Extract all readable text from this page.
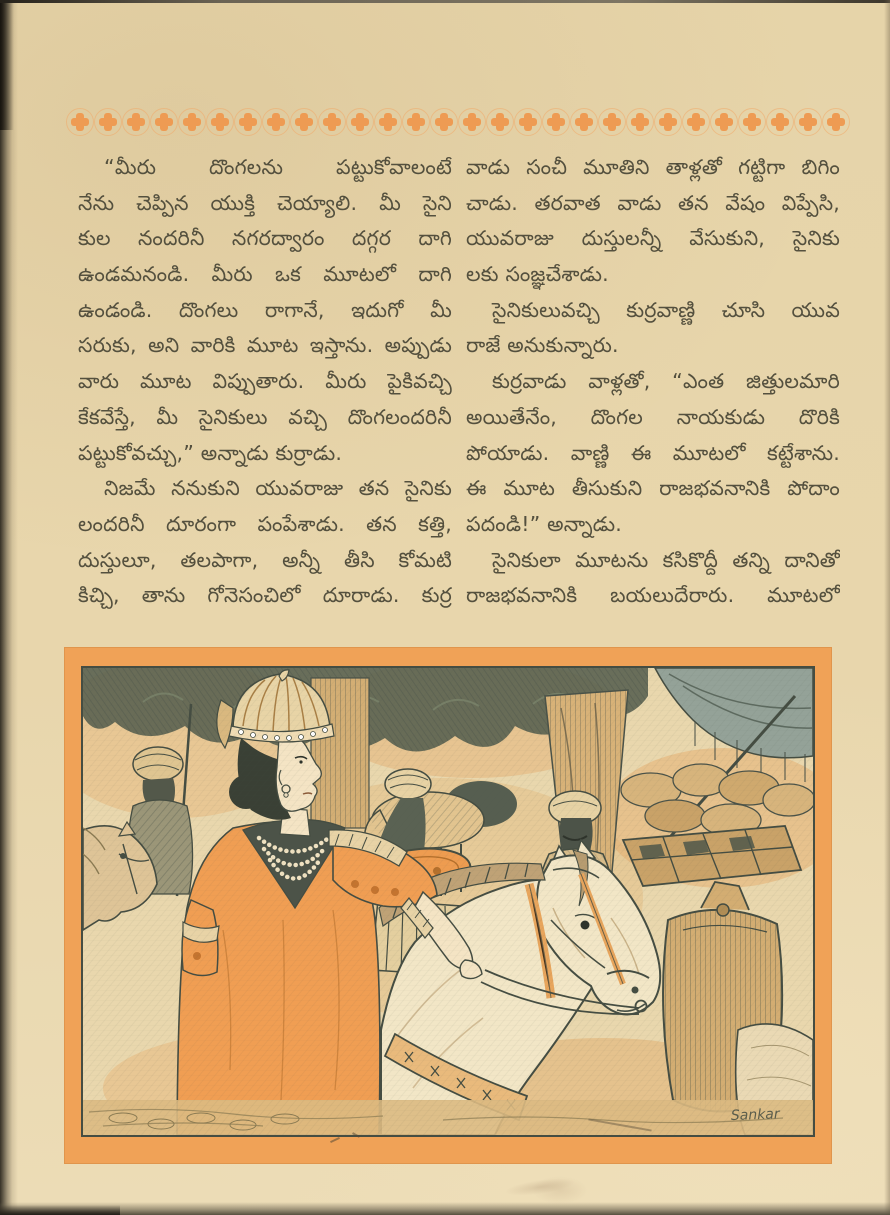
“మీరు దొంగలను పట్టుకోవాలంటే
నేను చెప్పిన యుక్తి చెయ్యాలి. మీ సైని
కుల నందరినీ నగరద్వారం దగ్గర దాగి
ఉండమనండి. మీరు ఒక మూటలో దాగి
ఉండండి. దొంగలు రాగానే, ఇదుగో మీ
సరుకు, అని వారికి మూట ఇస్తాను. అప్పుడు
వారు మూట విప్పుతారు. మీరు పైకివచ్చి
కేకవేస్తే, మీ సైనికులు వచ్చి దొంగలందరినీ
పట్టుకోవచ్చు,” అన్నాడు కుర్రాడు.
నిజమే ననుకుని యువరాజు తన సైనికు
లందరినీ దూరంగా పంపేశాడు. తన కత్తి,
దుస్తులూ, తలపాగా, అన్నీ తీసి కోమటి
కిచ్చి, తాను గోనెసంచిలో దూరాడు. కుర్ర
వాడు సంచీ మూతిని తాళ్లతో గట్టిగా బిగిం
చాడు. తరవాత వాడు తన వేషం విప్పేసి,
యువరాజు దుస్తులన్నీ వేసుకుని, సైనికు
లకు సంజ్ఞచేశాడు.
సైనికులువచ్చి కుర్రవాణ్ణి చూసి యువ
రాజే అనుకున్నారు.
కుర్రవాడు వాళ్లతో, “ఎంత జిత్తులమారి
అయితేనేం, దొంగల నాయకుడు దొరికి
పోయాడు. వాణ్ణి ఈ మూటలో కట్టేశాను.
ఈ మూట తీసుకుని రాజభవనానికి పోదాం
పదండి!” అన్నాడు.
సైనికులా మూటను కసికొద్దీ తన్ని దానితో
రాజభవనానికి బయలుదేరారు. మూటలో
Sankar
